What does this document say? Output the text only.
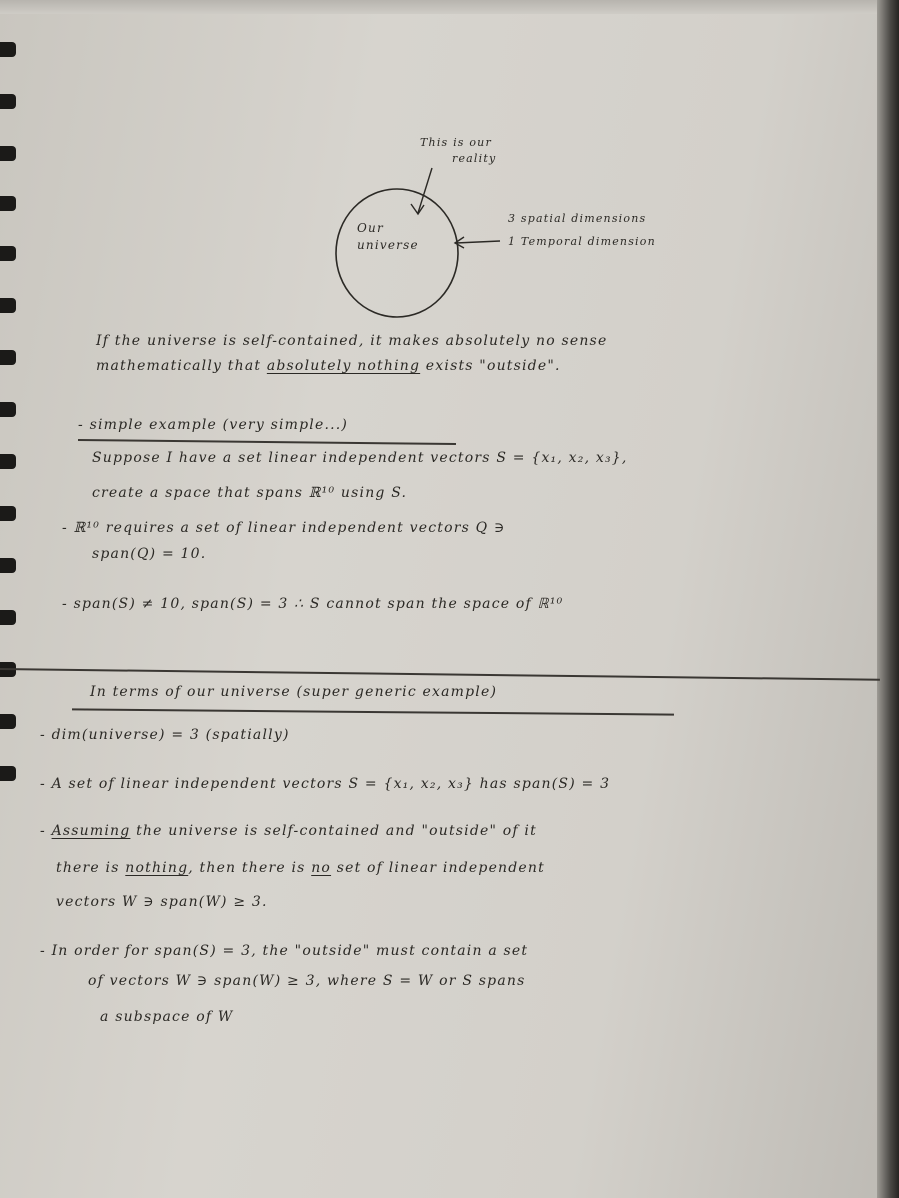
This is our
reality
Our
universe
3 spatial dimensions
1 Temporal dimension
If the universe is self-contained, it makes absolutely no sense
mathematically that absolutely nothing exists "outside".
- simple example (very simple...)
Suppose I have a set linear independent vectors S = {x₁, x₂, x₃},
create a space that spans ℝ¹⁰ using S.
- ℝ¹⁰ requires a set of linear independent vectors Q ∋
span(Q) = 10.
- span(S) ≠ 10, span(S) = 3 ∴ S cannot span the space of ℝ¹⁰
In terms of our universe (super generic example)
- dim(universe) = 3 (spatially)
- A set of linear independent vectors S = {x₁, x₂, x₃} has span(S) = 3
- Assuming the universe is self-contained and "outside" of it
there is nothing, then there is no set of linear independent
vectors W ∋ span(W) ≥ 3.
- In order for span(S) = 3, the "outside" must contain a set
of vectors W ∋ span(W) ≥ 3, where S = W or S spans
a subspace of W
